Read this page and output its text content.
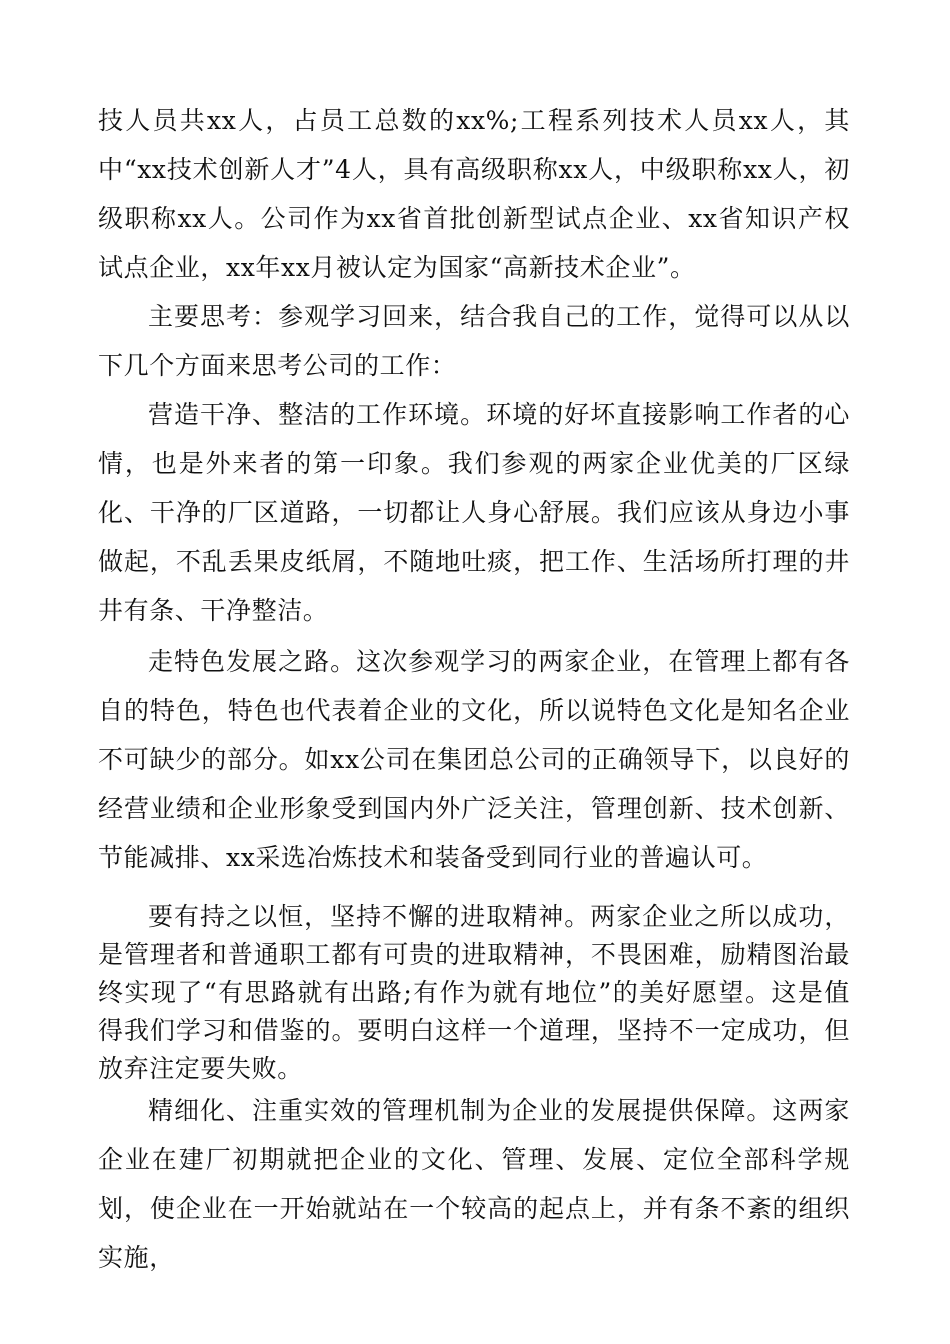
技人员共xx人，占员工总数的xx%;工程系列技术人员xx人，其中“xx技术创新人才”4人，具有高级职称xx人，中级职称xx人，初级职称xx人。公司作为xx省首批创新型试点企业、xx省知识产权试点企业，xx年xx月被认定为国家“高新技术企业”。

主要思考：参观学习回来，结合我自己的工作，觉得可以从以下几个方面来思考公司的工作：

营造干净、整洁的工作环境。环境的好坏直接影响工作者的心情，也是外来者的第一印象。我们参观的两家企业优美的厂区绿化、干净的厂区道路，一切都让人身心舒展。我们应该从身边小事做起，不乱丢果皮纸屑，不随地吐痰，把工作、生活场所打理的井井有条、干净整洁。

走特色发展之路。这次参观学习的两家企业，在管理上都有各自的特色，特色也代表着企业的文化，所以说特色文化是知名企业不可缺少的部分。如xx公司在集团总公司的正确领导下，以良好的经营业绩和企业形象受到国内外广泛关注，管理创新、技术创新、节能减排、xx采选冶炼技术和装备受到同行业的普遍认可。

要有持之以恒，坚持不懈的进取精神。两家企业之所以成功，是管理者和普通职工都有可贵的进取精神，不畏困难，励精图治最终实现了“有思路就有出路;有作为就有地位”的美好愿望。这是值得我们学习和借鉴的。要明白这样一个道理，坚持不一定成功，但放弃注定要失败。

精细化、注重实效的管理机制为企业的发展提供保障。这两家企业在建厂初期就把企业的文化、管理、发展、定位全部科学规划，使企业在一开始就站在一个较高的起点上，并有条不紊的组织实施，
